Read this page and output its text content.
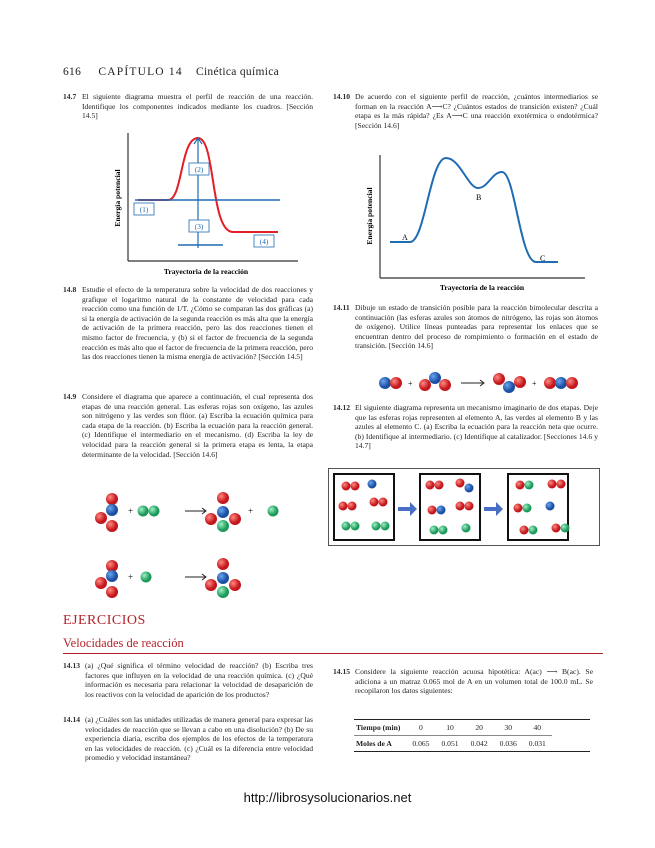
616 CAPÍTULO 14 Cinética química
14.7 El siguiente diagrama muestra el perfil de reacción de una reacción. Identifique los componentes indicados mediante los cuadros. [Sección 14.5]
Energía potencial
Trayectoria de la reacción
(1)
(2)
(3)
(4)
14.8 Estudie el efecto de la temperatura sobre la velocidad de dos reacciones y grafique el logaritmo natural de la constante de velocidad para cada reacción como una función de 1/T. ¿Cómo se comparan las dos gráficas (a) si la energía de activación de la segunda reacción es más alta que la energía de activación de la primera reacción, pero las dos reacciones tienen el mismo factor de frecuencia, y (b) si el factor de frecuencia de la segunda reacción es más alto que el factor de frecuencia de la primera reacción, pero las dos reacciones tienen la misma energía de activación? [Sección 14.5]
14.9 Considere el diagrama que aparece a continuación, el cual representa dos etapas de una reacción general. Las esferas rojas son oxígeno, las azules son nitrógeno y las verdes son flúor. (a) Escriba la ecuación química para cada etapa de la reacción. (b) Escriba la ecuación para la reacción general. (c) Identifique el intermediario en el mecanismo. (d) Escriba la ley de velocidad para la reacción general si la primera etapa es lenta, la etapa determinante de la velocidad. [Sección 14.6]
+	+
+
14.10 De acuerdo con el siguiente perfil de reacción, ¿cuántos intermediarios se forman en la reacción A⟶C? ¿Cuántos estados de transición existen? ¿Cuál etapa es la más rápida? ¿Es A⟶C una reacción exotérmica o endotérmica? [Sección 14.6]
Energía potencial
Trayectoria de la reacción
A
B
C
14.11 Dibuje un estado de transición posible para la reacción bimolecular descrita a continuación (las esferas azules son átomos de nitrógeno, las rojas son átomos de oxígeno). Utilice líneas punteadas para representar los enlaces que se encuentran dentro del proceso de rompimiento o formación en el estado de transición. [Sección 14.6]
+	+
14.12 El siguiente diagrama representa un mecanismo imaginario de dos etapas. Deje que las esferas rojas representen al elemento A, las verdes al elemento B y las azules al elemento C. (a) Escriba la ecuación para la reacción neta que ocurre. (b) Identifique al intermediario. (c) Identifique al catalizador. [Secciones 14.6 y 14.7]
EJERCICIOS
Velocidades de reacción
14.13 (a) ¿Qué significa el término velocidad de reacción? (b) Escriba tres factores que influyen en la velocidad de una reacción química. (c) ¿Qué información es necesaria para relacionar la velocidad de desaparición de los reactivos con la velocidad de aparición de los productos?
14.14 (a) ¿Cuáles son las unidades utilizadas de manera general para expresar las velocidades de reacción que se llevan a cabo en una disolución? (b) De su experiencia diaria, escriba dos ejemplos de los efectos de la temperatura en las velocidades de reacción. (c) ¿Cuál es la diferencia entre velocidad promedio y velocidad instantánea?
14.15 Considere la siguiente reacción acuosa hipotética: A(ac) ⟶ B(ac). Se adiciona a un matraz 0.065 mol de A en un volumen total de 100.0 mL. Se recopilaron los datos siguientes:
Tiempo (min)	0	10	20	30	40
Moles de A	0.065	0.051	0.042	0.036	0.031
http://librosysolucionarios.net
